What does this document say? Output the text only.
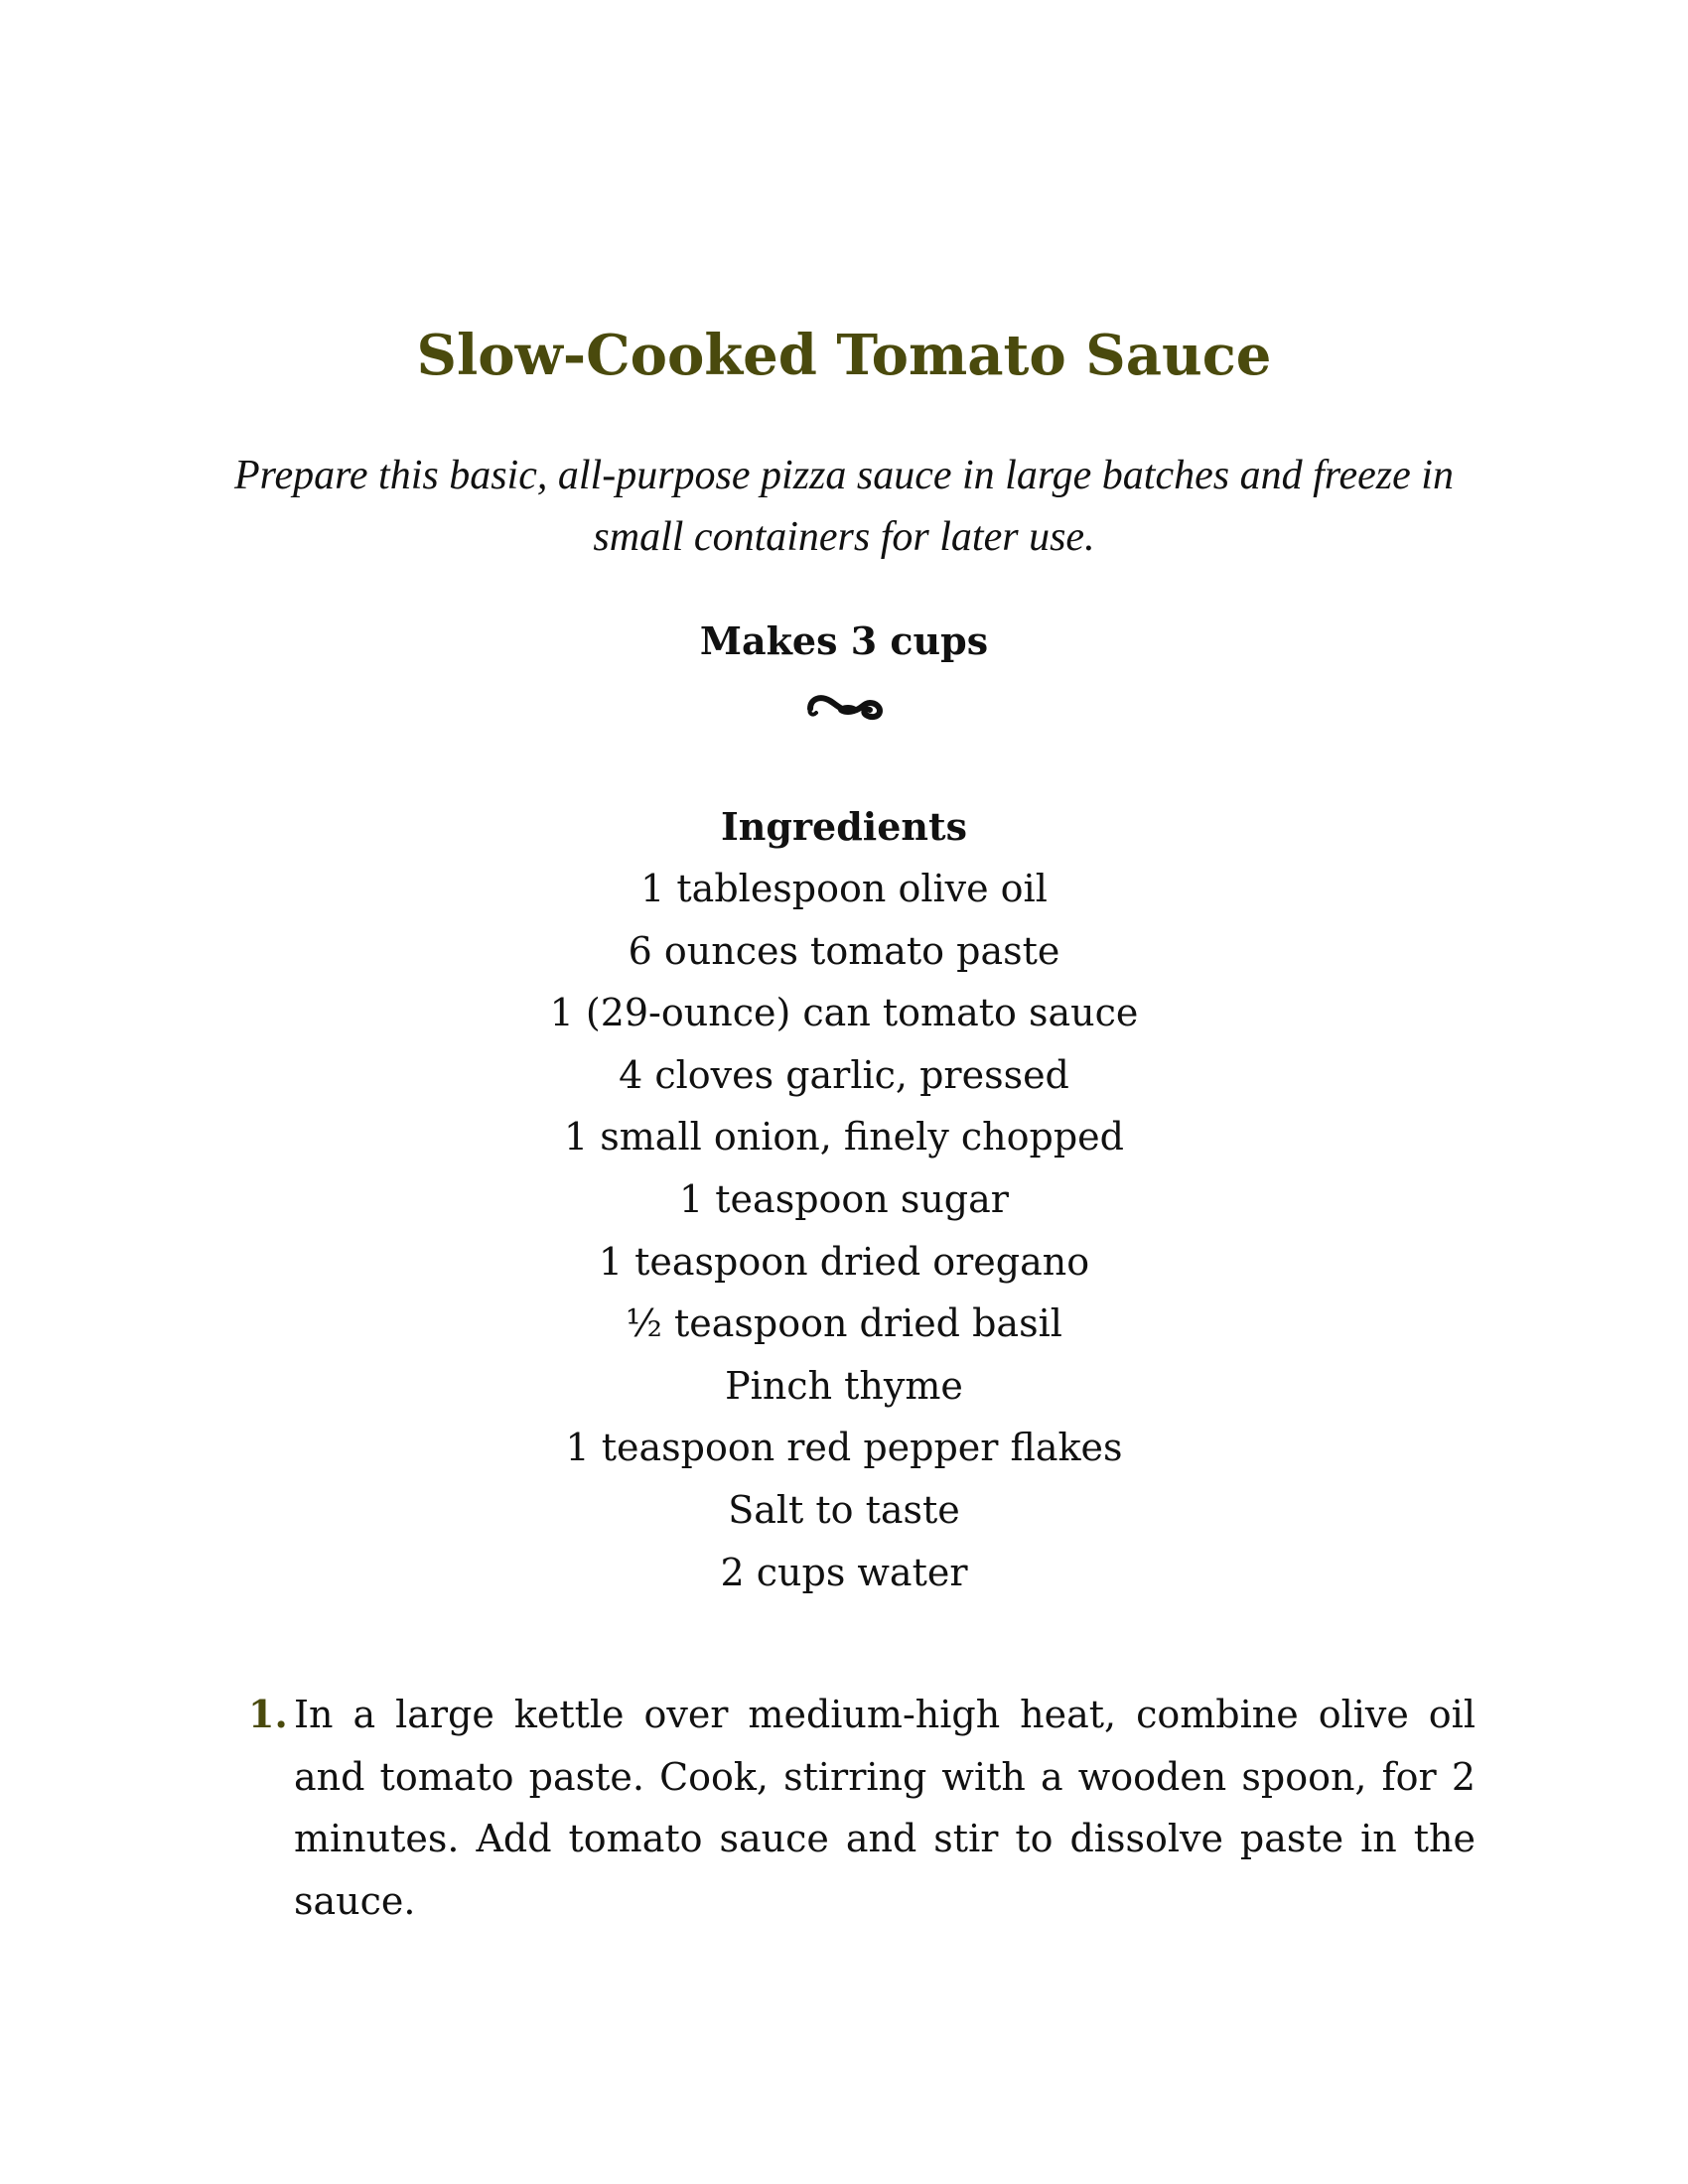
Slow-Cooked Tomato Sauce

Prepare this basic, all-purpose pizza sauce in large batches and freeze in small containers for later use.

Makes 3 cups

Ingredients
1 tablespoon olive oil
6 ounces tomato paste
1 (29-ounce) can tomato sauce
4 cloves garlic, pressed
1 small onion, finely chopped
1 teaspoon sugar
1 teaspoon dried oregano
½ teaspoon dried basil
Pinch thyme
1 teaspoon red pepper flakes
Salt to taste
2 cups water
1. In a large kettle over medium-high heat, combine olive oil and tomato paste. Cook, stirring with a wooden spoon, for 2 minutes. Add tomato sauce and stir to dissolve paste in the sauce.
